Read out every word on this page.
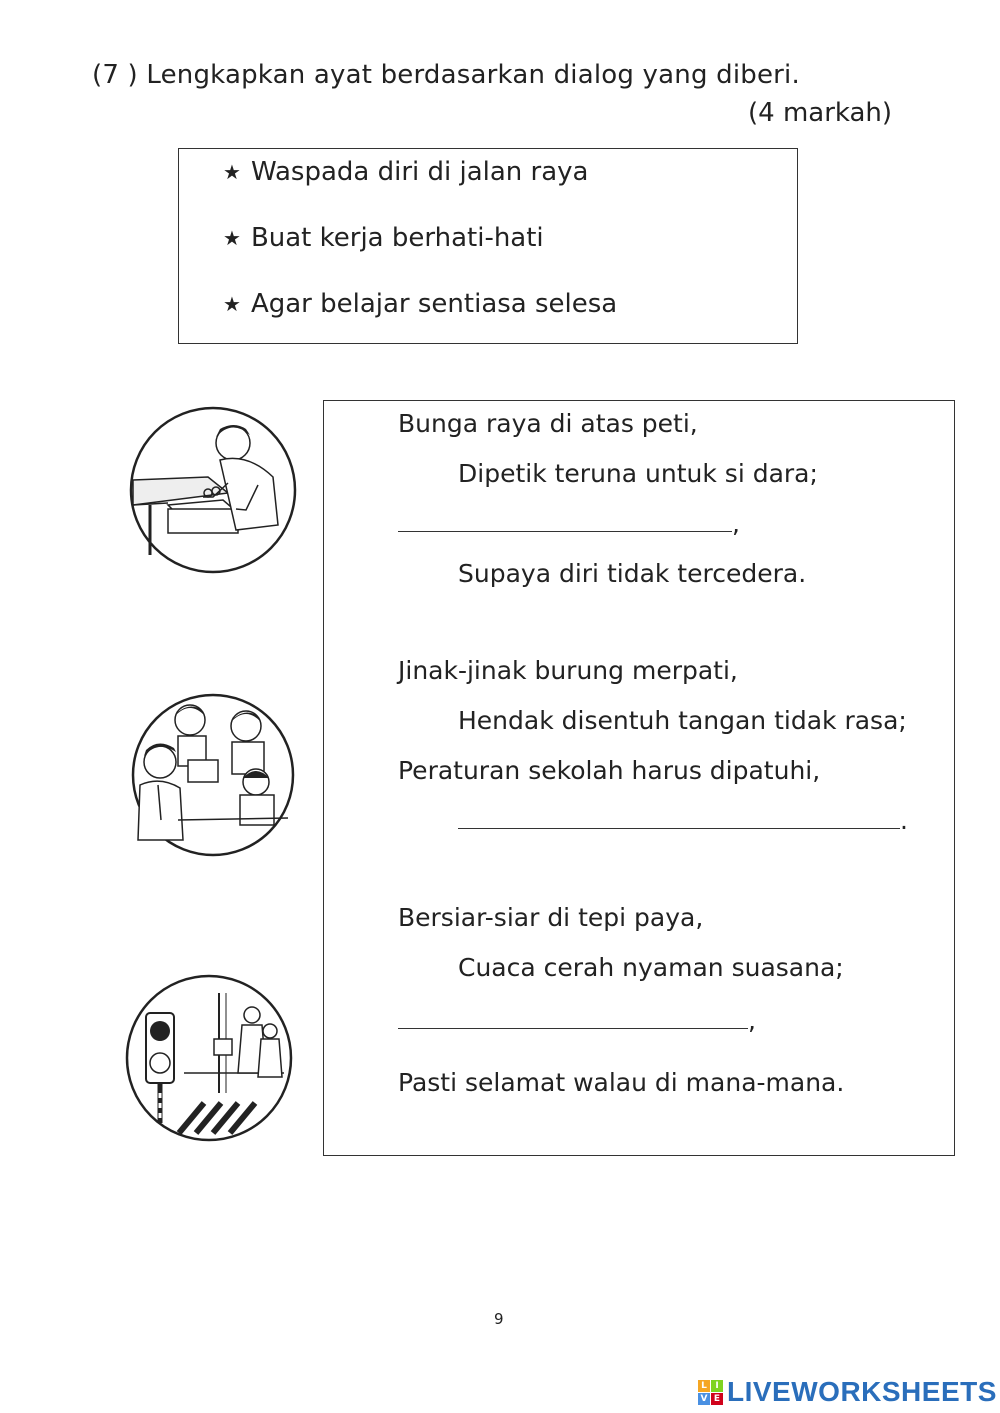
(7 ) Lengkapkan ayat berdasarkan dialog yang diberi.
(4 markah)
★ Waspada diri di jalan raya
★ Buat kerja berhati-hati
★ Agar belajar sentiasa selesa
Bunga raya di atas peti,
Dipetik teruna untuk si dara;
,
Supaya diri tidak tercedera.
Jinak-jinak burung merpati,
Hendak disentuh tangan tidak rasa;
Peraturan sekolah harus dipatuhi,
.
Bersiar-siar di tepi paya,
Cuaca cerah nyaman suasana;
,
Pasti selamat walau di mana-mana.
9
L I
V E LIVEWORKSHEETS
